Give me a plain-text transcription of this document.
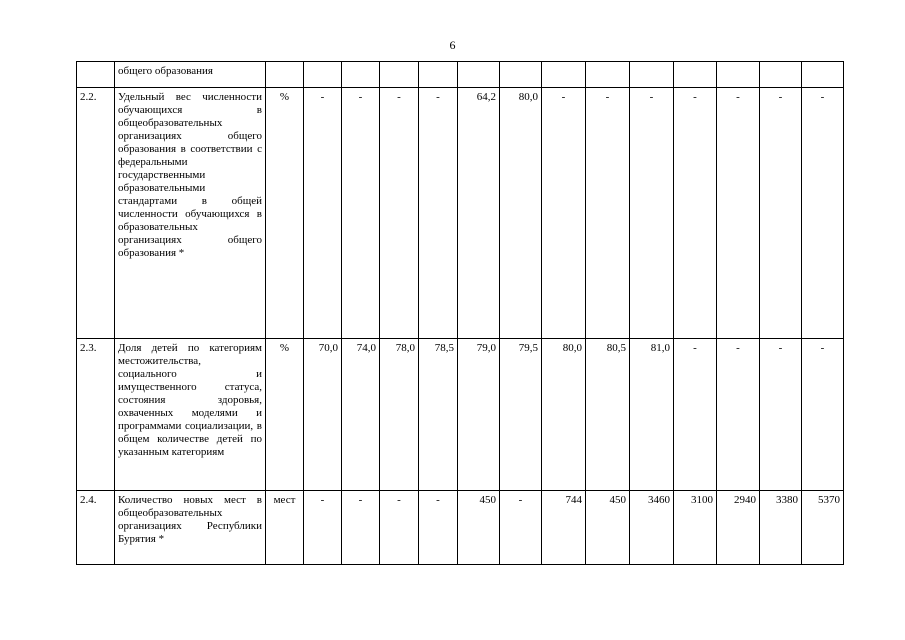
6
	общего образования														
2.2.	Удельный вес численности обучающихся в общеобразовательных организациях общего образования в соответствии с федеральными государственными образовательными стандартами в общей численности обучающихся в образовательных организациях общего образования *	%	-	-	-	-	64,2	80,0	-	-	-	-	-	-	-
2.3.	Доля детей по категориям местожительства, социального и имущественного статуса, состояния здоровья, охваченных моделями и программами социализации, в общем количестве детей по указанным категориям	%	70,0	74,0	78,0	78,5	79,0	79,5	80,0	80,5	81,0	-	-	-	-
2.4.	Количество новых мест в общеобразовательных организациях Республики Бурятия *	мест	-	-	-	-	450	-	744	450	3460	3100	2940	3380	5370
